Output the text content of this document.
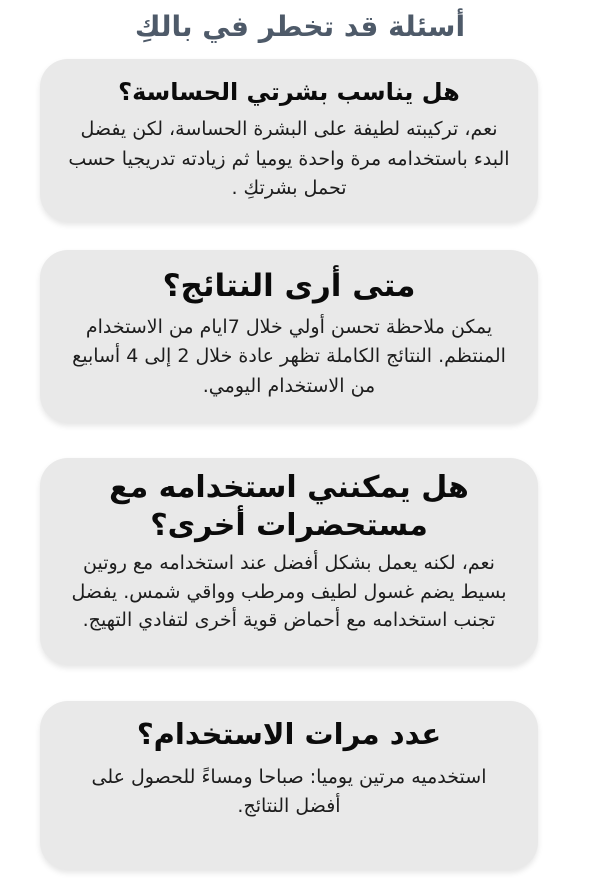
أسئلة قد تخطر في بالكِ
هل يناسب بشرتي الحساسة؟

نعم، تركيبته لطيفة على البشرة الحساسة، لكن يفضل البدء باستخدامه مرة واحدة يوميا ثم زيادته تدريجيا حسب تحمل بشرتكِ .

متى أرى النتائج؟

يمكن ملاحظة تحسن أولي خلال 7ايام من الاستخدام المنتظم. النتائج الكاملة تظهر عادة خلال 2 إلى 4 أسابيع من الاستخدام اليومي.

هل يمكنني استخدامه مع مستحضرات أخرى؟

نعم، لكنه يعمل بشكل أفضل عند استخدامه مع روتين بسيط يضم غسول لطيف ومرطب وواقي شمس. يفضل تجنب استخدامه مع أحماض قوية أخرى لتفادي التهيج.

عدد مرات الاستخدام؟

استخدميه مرتين يوميا: صباحا ومساءً للحصول على أفضل النتائج.
